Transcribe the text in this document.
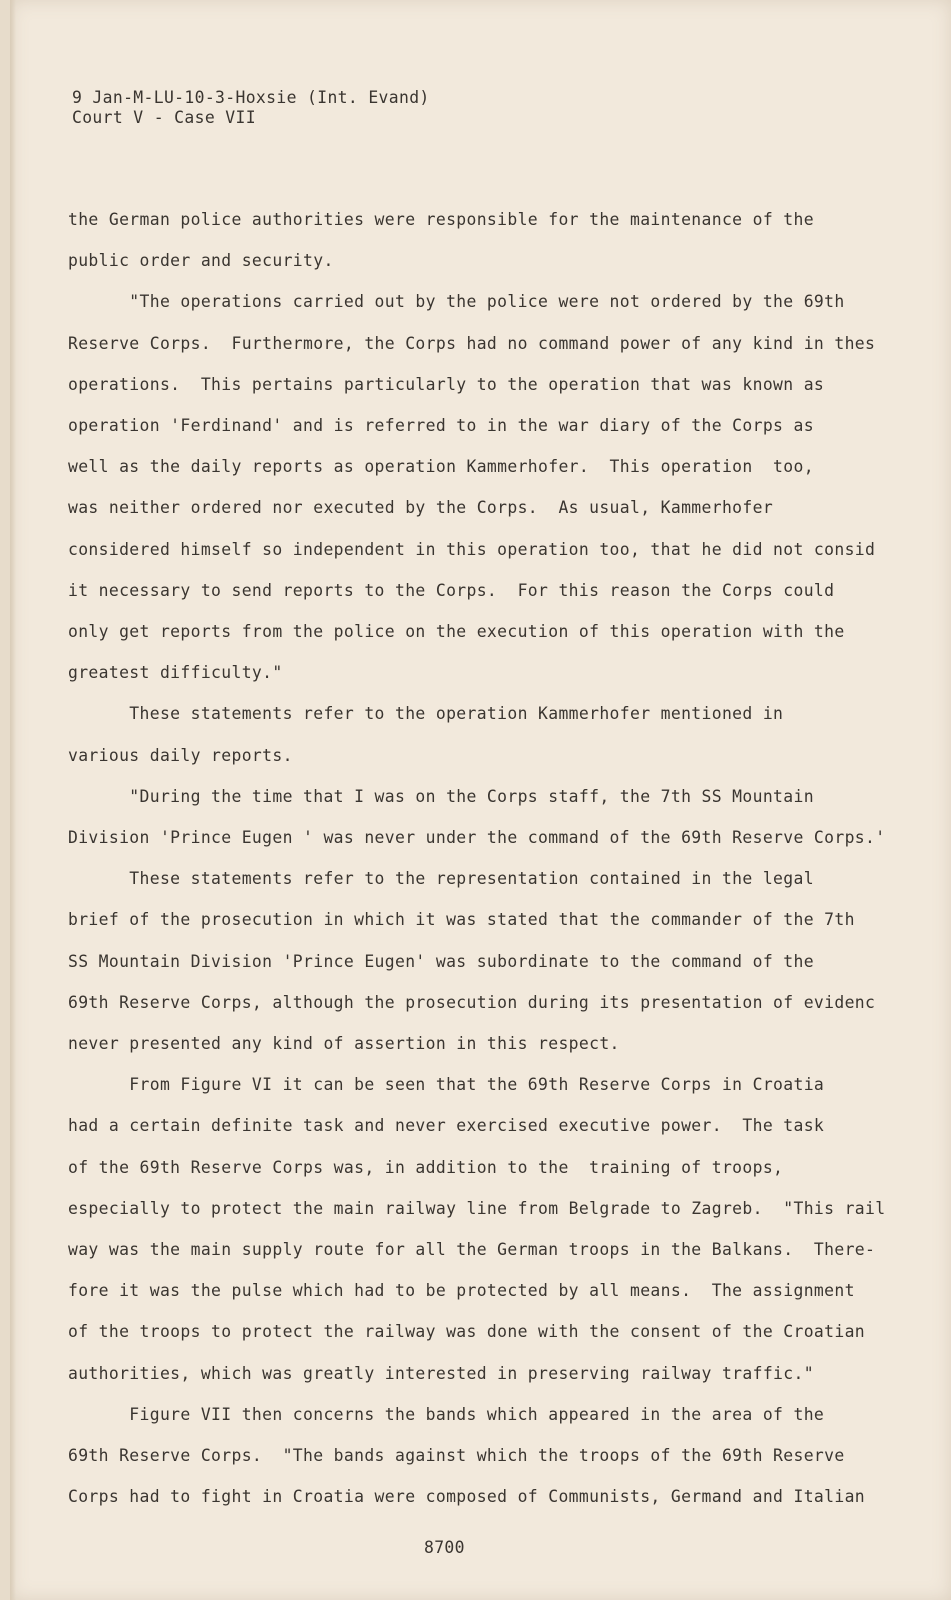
9 Jan-M-LU-10-3-Hoxsie (Int. Evand)
Court V - Case VII
the German police authorities were responsible for the maintenance of the
public order and security.
"The operations carried out by the police were not ordered by the 69th
Reserve Corps.  Furthermore, the Corps had no command power of any kind in thes
operations.  This pertains particularly to the operation that was known as
operation 'Ferdinand' and is referred to in the war diary of the Corps as
well as the daily reports as operation Kammerhofer.  This operation  too,
was neither ordered nor executed by the Corps.  As usual, Kammerhofer
considered himself so independent in this operation too, that he did not consid
it necessary to send reports to the Corps.  For this reason the Corps could
only get reports from the police on the execution of this operation with the
greatest difficulty."
These statements refer to the operation Kammerhofer mentioned in
various daily reports.
"During the time that I was on the Corps staff, the 7th SS Mountain
Division 'Prince Eugen ' was never under the command of the 69th Reserve Corps.'
These statements refer to the representation contained in the legal
brief of the prosecution in which it was stated that the commander of the 7th
SS Mountain Division 'Prince Eugen' was subordinate to the command of the
69th Reserve Corps, although the prosecution during its presentation of evidenc
never presented any kind of assertion in this respect.
From Figure VI it can be seen that the 69th Reserve Corps in Croatia
had a certain definite task and never exercised executive power.  The task
of the 69th Reserve Corps was, in addition to the  training of troops,
especially to protect the main railway line from Belgrade to Zagreb.  "This rail
way was the main supply route for all the German troops in the Balkans.  There-
fore it was the pulse which had to be protected by all means.  The assignment
of the troops to protect the railway was done with the consent of the Croatian
authorities, which was greatly interested in preserving railway traffic."
Figure VII then concerns the bands which appeared in the area of the
69th Reserve Corps.  "The bands against which the troops of the 69th Reserve
Corps had to fight in Croatia were composed of Communists, Germand and Italian
8700
